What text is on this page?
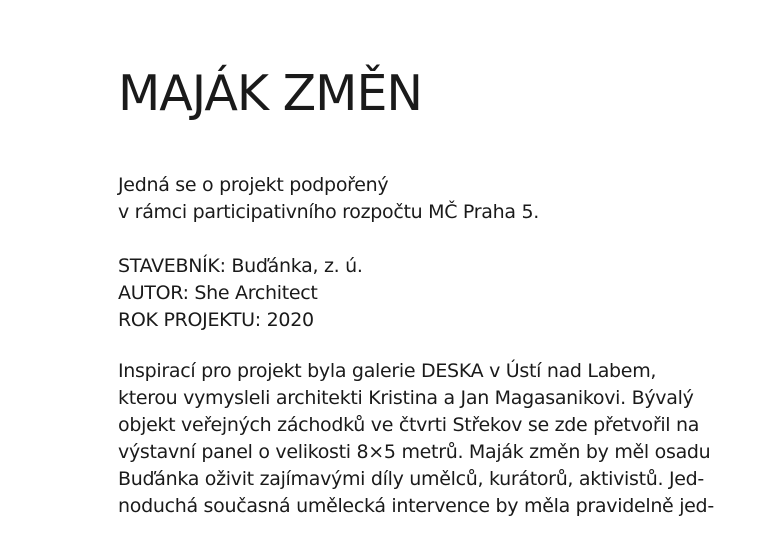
MAJÁK ZMĚN
Jedná se o projekt podpořený
v rámci participativního rozpočtu MČ Praha 5.
STAVEBNÍK: Buďánka, z. ú.
AUTOR: She Architect
ROK PROJEKTU: 2020
Inspirací pro projekt byla galerie DESKA v Ústí nad Labem,
kterou vymysleli architekti Kristina a Jan Magasanikovi. Bývalý
objekt veřejných záchodků ve čtvrti Střekov se zde přetvořil na
výstavní panel o velikosti 8×5 metrů. Maják změn by měl osadu
Buďánka oživit zajímavými díly umělců, kurátorů, aktivistů. Jed-
noduchá současná umělecká intervence by měla pravidelně jed-
